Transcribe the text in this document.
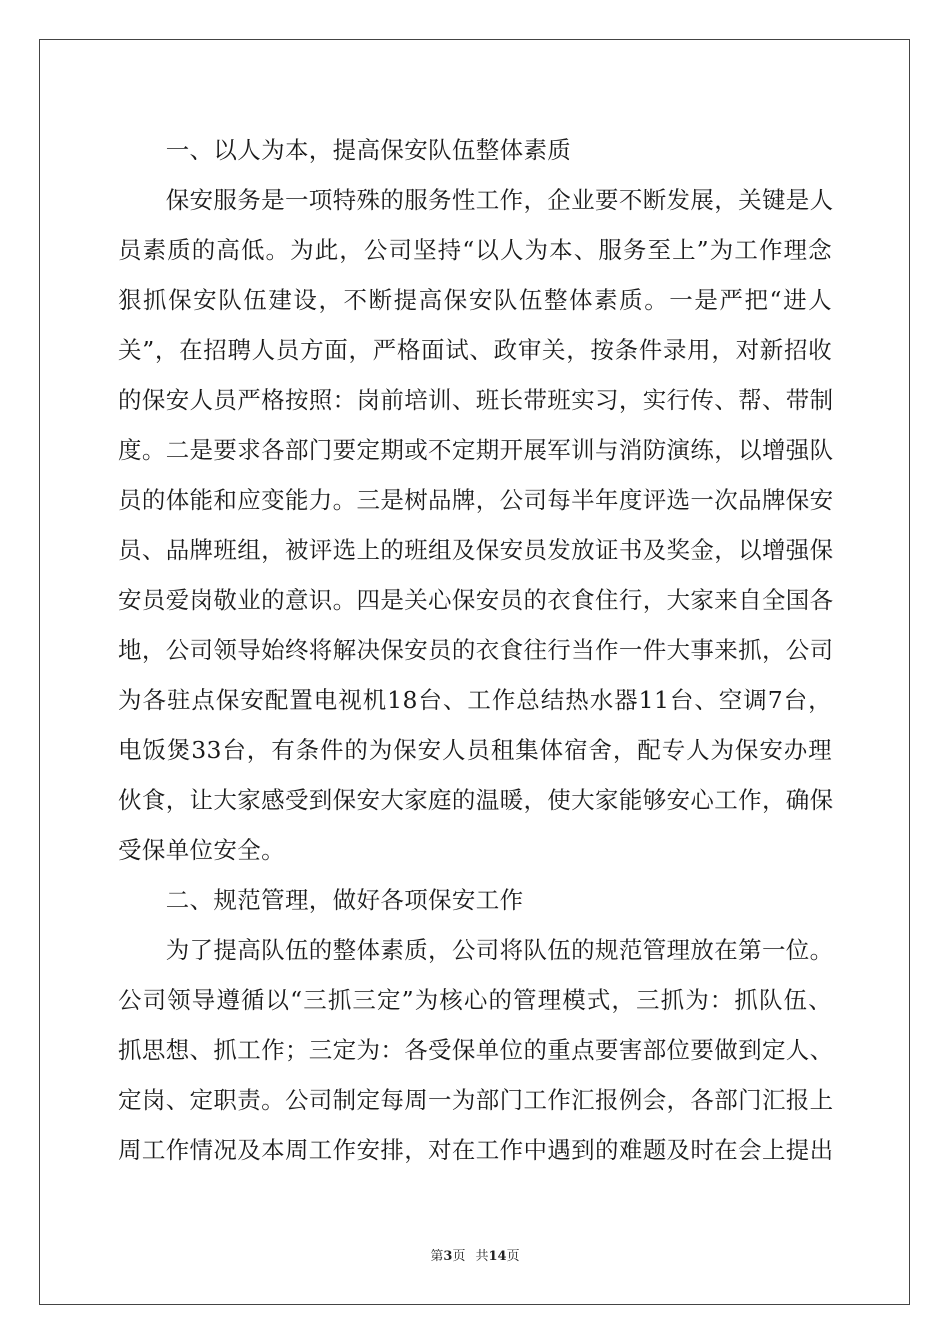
　　一、以人为本，提高保安队伍整体素质

　　保安服务是一项特殊的服务性工作，企业要不断发展，关键是人

员素质的高低。为此，公司坚持“以人为本、服务至上”为工作理念

狠抓保安队伍建设，不断提高保安队伍整体素质。一是严把“进人

关”，在招聘人员方面，严格面试、政审关，按条件录用，对新招收

的保安人员严格按照：岗前培训、班长带班实习，实行传、帮、带制

度。二是要求各部门要定期或不定期开展军训与消防演练，以增强队

员的体能和应变能力。三是树品牌，公司每半年度评选一次品牌保安

员、品牌班组，被评选上的班组及保安员发放证书及奖金，以增强保

安员爱岗敬业的意识。四是关心保安员的衣食住行，大家来自全国各

地，公司领导始终将解决保安员的衣食往行当作一件大事来抓，公司

为各驻点保安配置电视机18台、工作总结热水器11台、空调7台，

电饭煲33台，有条件的为保安人员租集体宿舍，配专人为保安办理

伙食，让大家感受到保安大家庭的温暖，使大家能够安心工作，确保

受保单位安全。

　　二、规范管理，做好各项保安工作

　　为了提高队伍的整体素质，公司将队伍的规范管理放在第一位。

公司领导遵循以“三抓三定”为核心的管理模式，三抓为：抓队伍、

抓思想、抓工作；三定为：各受保单位的重点要害部位要做到定人、

定岗、定职责。公司制定每周一为部门工作汇报例会，各部门汇报上

周工作情况及本周工作安排，对在工作中遇到的难题及时在会上提出

第3页 共14页
